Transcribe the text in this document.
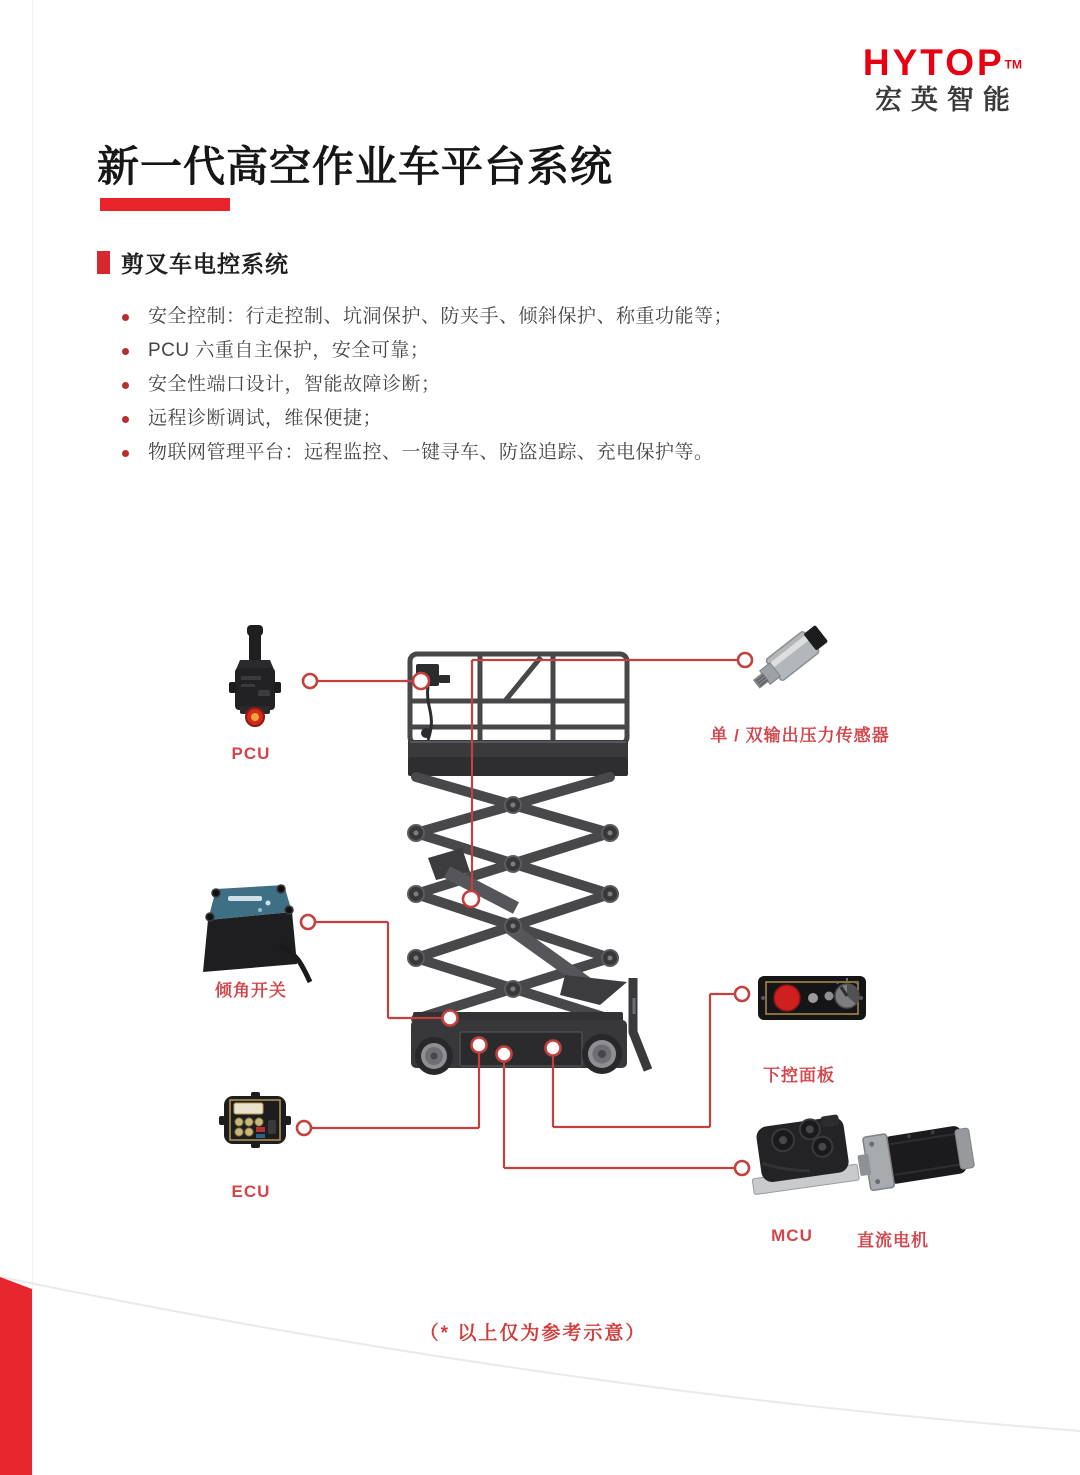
HYTOP™
宏英智能
新一代高空作业车平台系统
剪叉车电控系统
安全控制：行走控制、坑洞保护、防夹手、倾斜保护、称重功能等；
PCU 六重自主保护，安全可靠；
安全性端口设计，智能故障诊断；
远程诊断调试，维保便捷；
物联网管理平台：远程监控、一键寻车、防盗追踪、充电保护等。
PCU
单 / 双输出压力传感器
倾角开关
ECU
下控面板
MCU	直流电机
（* 以上仅为参考示意）
